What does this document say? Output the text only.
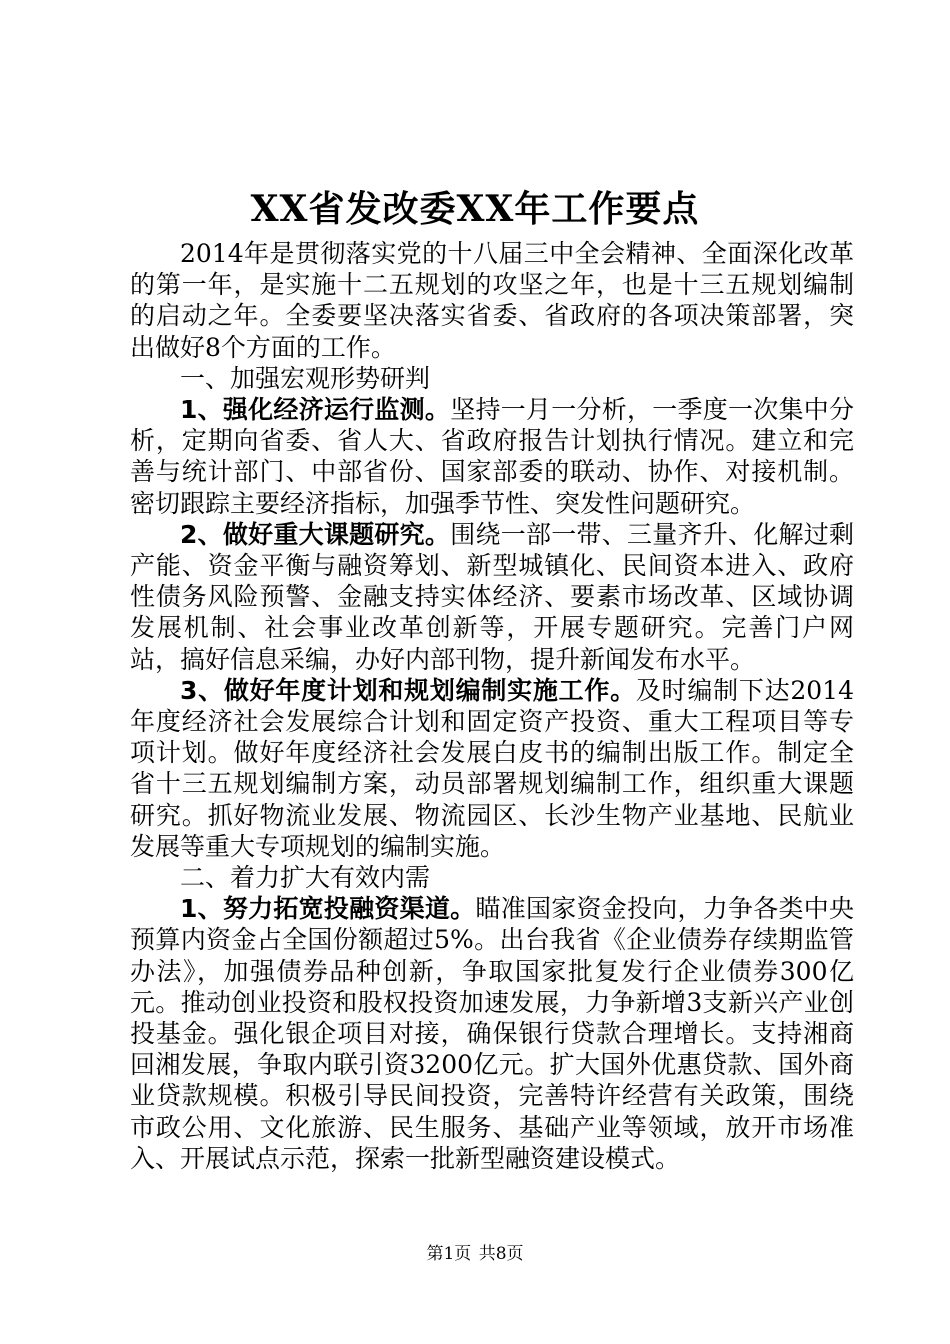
XX省发改委XX年工作要点

2014年是贯彻落实党的十八届三中全会精神、全面深化改革的第一年，是实施十二五规划的攻坚之年，也是十三五规划编制的启动之年。全委要坚决落实省委、省政府的各项决策部署，突出做好8个方面的工作。

一、加强宏观形势研判

1、强化经济运行监测。坚持一月一分析，一季度一次集中分析，定期向省委、省人大、省政府报告计划执行情况。建立和完善与统计部门、中部省份、国家部委的联动、协作、对接机制。密切跟踪主要经济指标，加强季节性、突发性问题研究。

2、做好重大课题研究。围绕一部一带、三量齐升、化解过剩产能、资金平衡与融资筹划、新型城镇化、民间资本进入、政府性债务风险预警、金融支持实体经济、要素市场改革、区域协调发展机制、社会事业改革创新等，开展专题研究。完善门户网站，搞好信息采编，办好内部刊物，提升新闻发布水平。

3、做好年度计划和规划编制实施工作。及时编制下达2014年度经济社会发展综合计划和固定资产投资、重大工程项目等专项计划。做好年度经济社会发展白皮书的编制出版工作。制定全省十三五规划编制方案，动员部署规划编制工作，组织重大课题研究。抓好物流业发展、物流园区、长沙生物产业基地、民航业发展等重大专项规划的编制实施。

二、着力扩大有效内需

1、努力拓宽投融资渠道。瞄准国家资金投向，力争各类中央预算内资金占全国份额超过5%。出台我省《企业债券存续期监管办法》，加强债券品种创新，争取国家批复发行企业债券300亿元。推动创业投资和股权投资加速发展，力争新增3支新兴产业创投基金。强化银企项目对接，确保银行贷款合理增长。支持湘商回湘发展，争取内联引资3200亿元。扩大国外优惠贷款、国外商业贷款规模。积极引导民间投资，完善特许经营有关政策，围绕市政公用、文化旅游、民生服务、基础产业等领域，放开市场准入、开展试点示范，探索一批新型融资建设模式。

第1页 共8页
